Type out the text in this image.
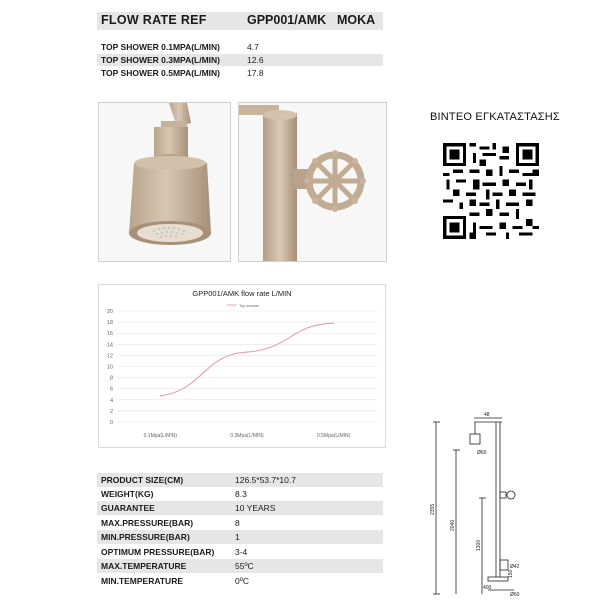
FLOW RATE REF	GPP001/AMK ΜΟΚΑ
TOP SHOWER 0.1MPA(L/MIN)	4.7
TOP SHOWER 0.3MPA(L/MIN)	12.6
TOP SHOWER 0.5MPA(L/MIN)	17.8
ΒΙΝΤΕΟ ΕΓΚΑΤΑΣΤΑΣΗΣ
GPP001/AMK flow rate L/MIN
Top shower
0
2
4
6
8
10
12
14
16
18
20
0.1Mpa(L/MIN)	0.3Mpa(L/MIN)	0.5Mpa(L/MIN)
PRODUCT SIZE(CM)	126.5*53.7*10.7
WEIGHT(KG)	8.3
GUARANTEE	10 YEARS
MAX.PRESSURE(BAR)	8
MIN.PRESSURE(BAR)	1
OPTIMUM PRESSURE(BAR) 3-4
MAX.TEMPERATURE	55ºC
MIN.TEMPERATURE	0ºC
48
Ø60
2355
2040
1300
Ø42
150
400
Ø60
